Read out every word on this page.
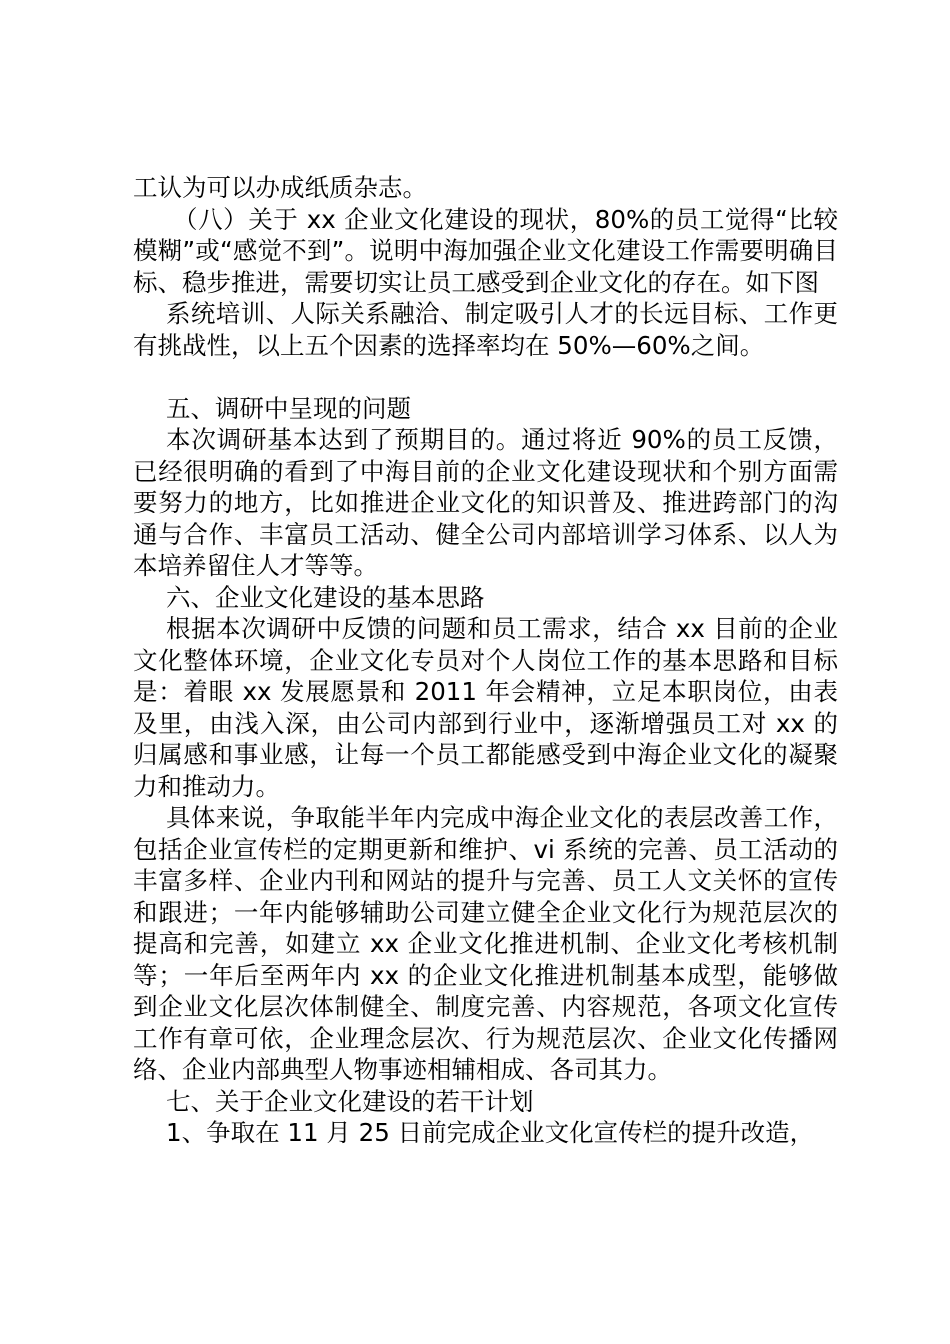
工认为可以办成纸质杂志。

（八）关于 xx 企业文化建设的现状，80%的员工觉得“比较模糊”或“感觉不到”。说明中海加强企业文化建设工作需要明确目标、稳步推进，需要切实让员工感受到企业文化的存在。如下图

系统培训、人际关系融洽、制定吸引人才的长远目标、工作更有挑战性，以上五个因素的选择率均在 50%—60%之间。

五、调研中呈现的问题

本次调研基本达到了预期目的。通过将近 90%的员工反馈，已经很明确的看到了中海目前的企业文化建设现状和个别方面需要努力的地方，比如推进企业文化的知识普及、推进跨部门的沟通与合作、丰富员工活动、健全公司内部培训学习体系、以人为本培养留住人才等等。

六、企业文化建设的基本思路

根据本次调研中反馈的问题和员工需求，结合 xx 目前的企业文化整体环境，企业文化专员对个人岗位工作的基本思路和目标是：着眼 xx 发展愿景和 2011 年会精神，立足本职岗位，由表及里，由浅入深，由公司内部到行业中，逐渐增强员工对 xx 的归属感和事业感，让每一个员工都能感受到中海企业文化的凝聚力和推动力。

具体来说，争取能半年内完成中海企业文化的表层改善工作，包括企业宣传栏的定期更新和维护、vi 系统的完善、员工活动的丰富多样、企业内刊和网站的提升与完善、员工人文关怀的宣传和跟进；一年内能够辅助公司建立健全企业文化行为规范层次的提高和完善，如建立 xx 企业文化推进机制、企业文化考核机制等；一年后至两年内 xx 的企业文化推进机制基本成型，能够做到企业文化层次体制健全、制度完善、内容规范，各项文化宣传工作有章可依，企业理念层次、行为规范层次、企业文化传播网络、企业内部典型人物事迹相辅相成、各司其力。

七、关于企业文化建设的若干计划

1、争取在 11 月 25 日前完成企业文化宣传栏的提升改造，
